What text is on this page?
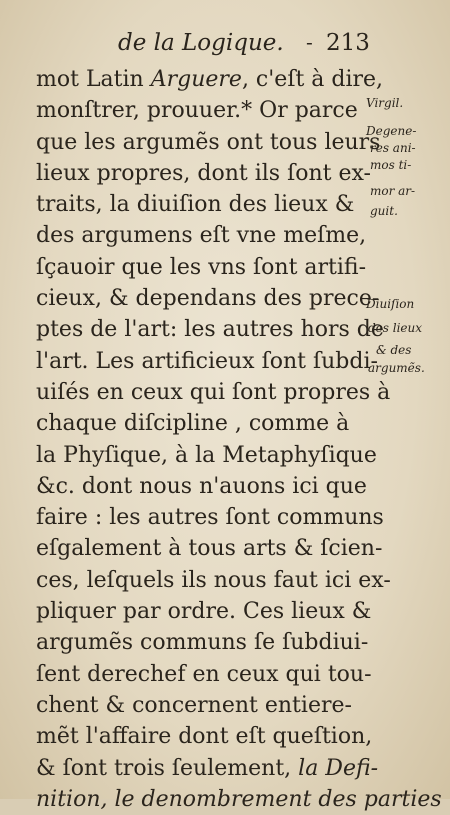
de la Logique. - 213
mot Latin Arguere, c'eſt à dire,
monſtrer, prouuer.* Or parce
que les argumẽs ont tous leurs
lieux propres, dont ils ſont ex-
traits, la diuiſion des lieux &
des argumens eſt vne meſme,
ſçauoir que les vns ſont artifi-
cieux, & dependans des prece-
ptes de l'art: les autres hors de
l'art. Les artificieux ſont ſubdi-
uiſés en ceux qui ſont propres à
chaque diſcipline , comme à
la Phyſique, à la Metaphyſique
&c. dont nous n'auons ici que
faire : les autres ſont communs
eſgalement à tous arts & ſcien-
ces, leſquels ils nous faut ici ex-
pliquer par ordre. Ces lieux &
argumẽs communs ſe ſubdiui-
ſent derechef en ceux qui tou-
chent & concernent entiere-
mẽt l'affaire dont eſt queſtion,
& ſont trois ſeulement, la Defi-
nition, le denombrement des parties
Virgil.
Degene-
res ani-
mos ti-
mor ar-
guit.
Diuiſion
des lieux
& des
argumẽs.
